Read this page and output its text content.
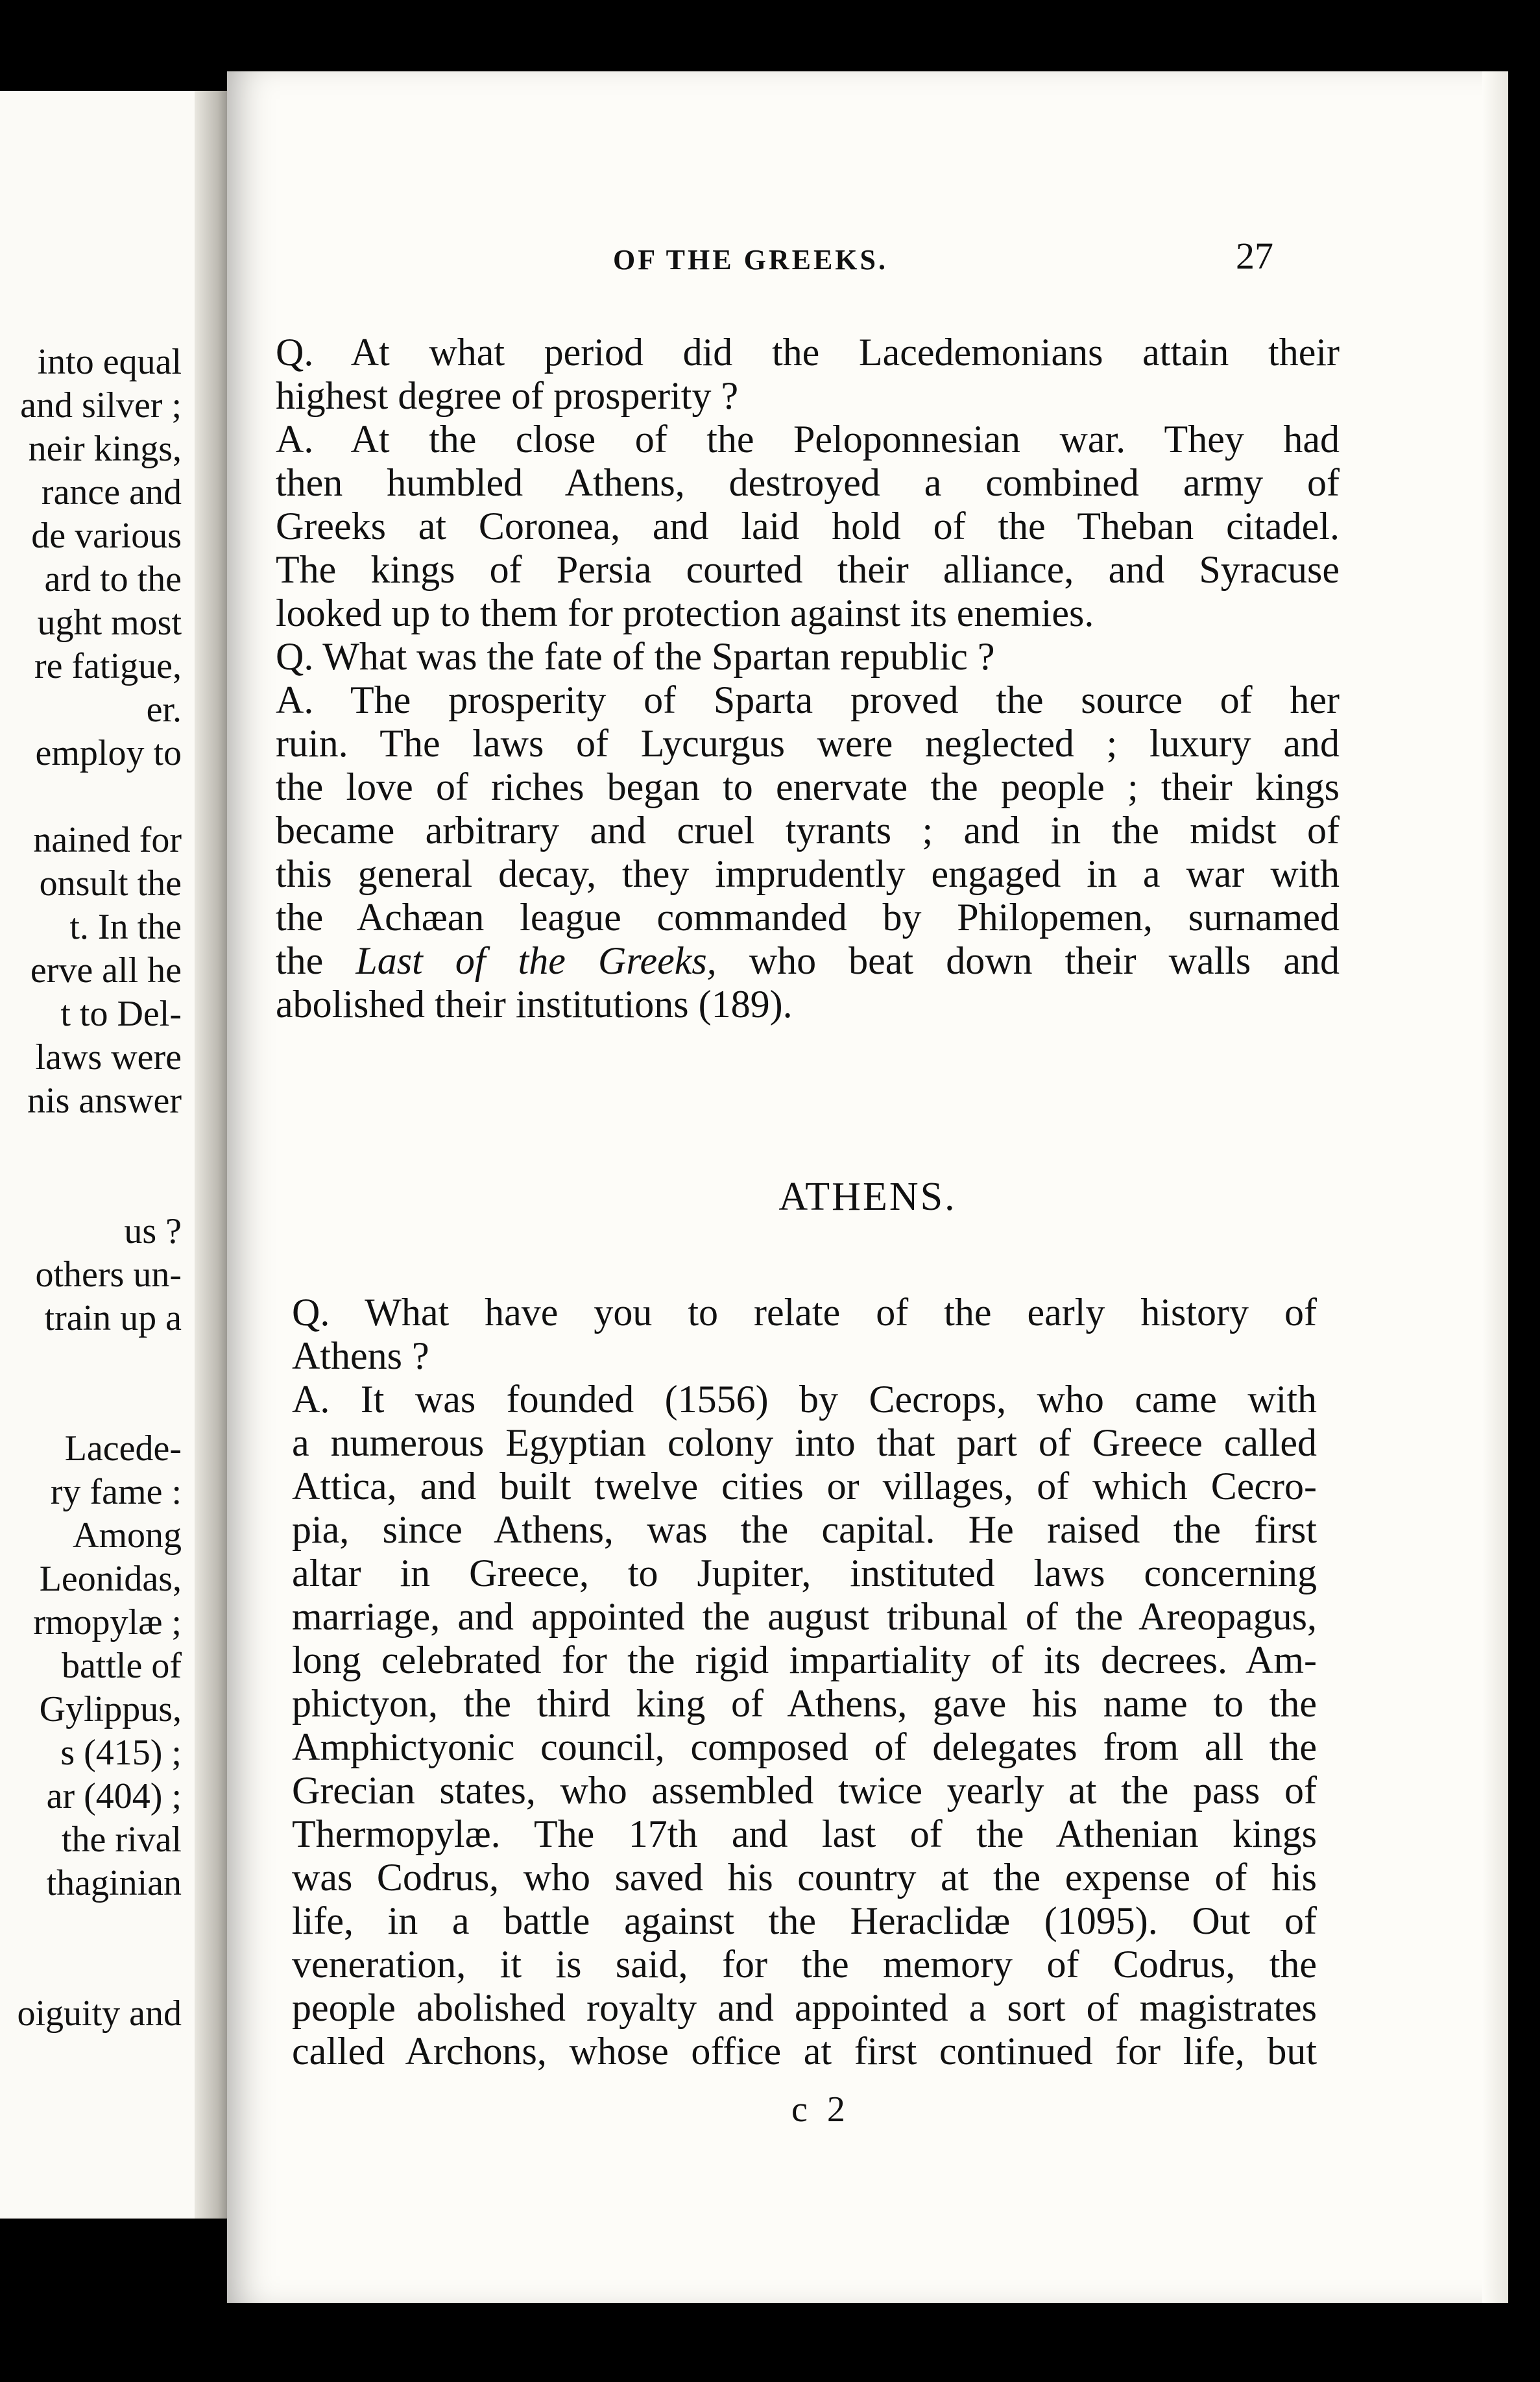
into equal
and silver ;
neir kings,
rance and
de various
ard to the
ught most
re fatigue,
er.
employ to
nained for
onsult the
t. In the
erve all he
t to Del-
laws were
nis answer
us ?
others un-
train up a
Lacede-
ry fame :
Among
Leonidas,
rmopylæ ;
battle of
Gylippus,
s (415) ;
ar (404) ;
the rival
thaginian
oiguity and
OF THE GREEKS.	27
Q. At what period did the Lacedemonians attain their
highest degree of prosperity ?
A. At the close of the Peloponnesian war. They had
then humbled Athens, destroyed a combined army of
Greeks at Coronea, and laid hold of the Theban citadel.
The kings of Persia courted their alliance, and Syracuse
looked up to them for protection against its enemies.
Q. What was the fate of the Spartan republic ?
A. The prosperity of Sparta proved the source of her
ruin. The laws of Lycurgus were neglected ; luxury and
the love of riches began to enervate the people ; their kings
became arbitrary and cruel tyrants ; and in the midst of
this general decay, they imprudently engaged in a war with
the Achæan league commanded by Philopemen, surnamed
the Last of the Greeks, who beat down their walls and
abolished their institutions (189).
ATHENS.
Q. What have you to relate of the early history of
Athens ?
A. It was founded (1556) by Cecrops, who came with
a numerous Egyptian colony into that part of Greece called
Attica, and built twelve cities or villages, of which Cecro-
pia, since Athens, was the capital. He raised the first
altar in Greece, to Jupiter, instituted laws concerning
marriage, and appointed the august tribunal of the Areopagus,
long celebrated for the rigid impartiality of its decrees. Am-
phictyon, the third king of Athens, gave his name to the
Amphictyonic council, composed of delegates from all the
Grecian states, who assembled twice yearly at the pass of
Thermopylæ. The 17th and last of the Athenian kings
was Codrus, who saved his country at the expense of his
life, in a battle against the Heraclidæ (1095). Out of
veneration, it is said, for the memory of Codrus, the
people abolished royalty and appointed a sort of magistrates
called Archons, whose office at first continued for life, but
c 2
